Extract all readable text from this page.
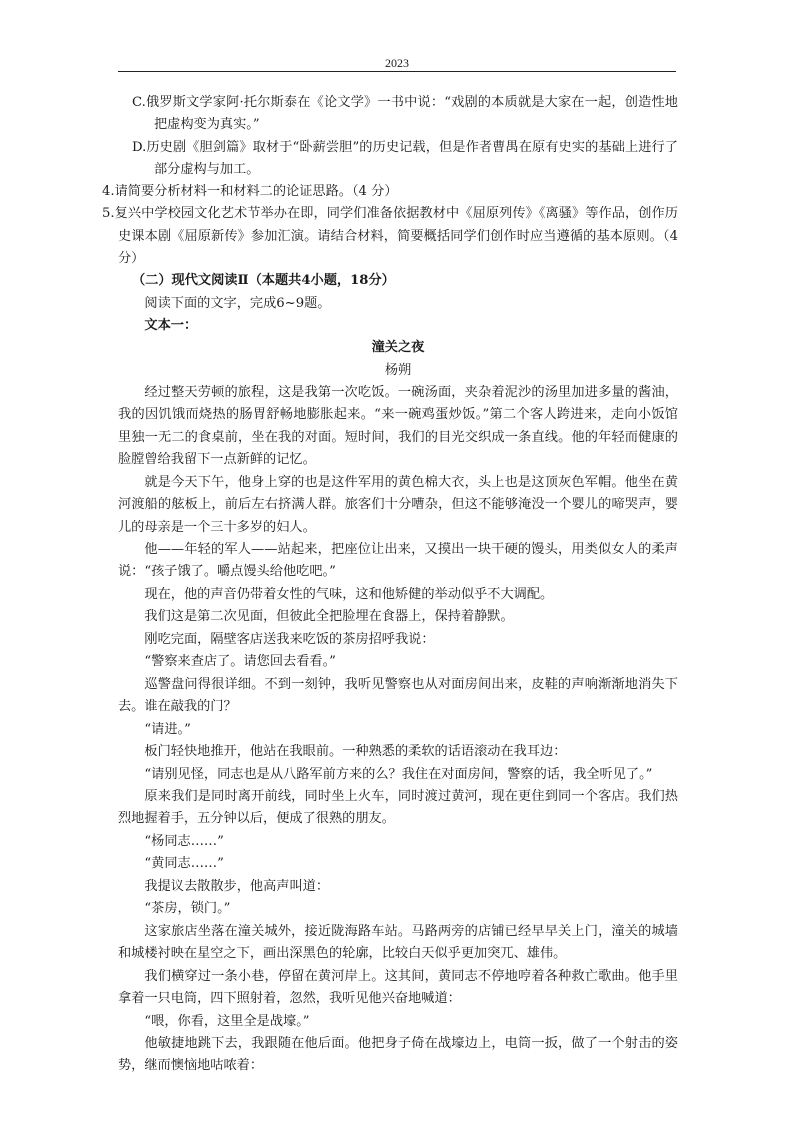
2023

C.俄罗斯文学家阿·托尔斯泰在《论文学》一书中说：“戏剧的本质就是大家在一起，创造性地把虚构变为真实。”

D.历史剧《胆剑篇》取材于“卧薪尝胆”的历史记载，但是作者曹禺在原有史实的基础上进行了部分虚构与加工。

4.请简要分析材料一和材料二的论证思路。（4 分）

5.复兴中学校园文化艺术节举办在即，同学们准备依据教材中《屈原列传》《离骚》等作品，创作历史课本剧《屈原新传》参加汇演。请结合材料，简要概括同学们创作时应当遵循的基本原则。（4分）

（二）现代文阅读Ⅱ（本题共4小题，18分）

阅读下面的文字，完成6~9题。

文本一：

潼关之夜

杨朔

经过整天劳顿的旅程，这是我第一次吃饭。一碗汤面，夹杂着泥沙的汤里加进多量的酱油，我的因饥饿而烧热的肠胃舒畅地膨胀起来。“来一碗鸡蛋炒饭。”第二个客人跨进来，走向小饭馆里独一无二的食桌前，坐在我的对面。短时间，我们的目光交织成一条直线。他的年轻而健康的脸膛曾给我留下一点新鲜的记忆。

就是今天下午，他身上穿的也是这件军用的黄色棉大衣，头上也是这顶灰色军帽。他坐在黄河渡船的舷板上，前后左右挤满人群。旅客们十分嘈杂，但这不能够淹没一个婴儿的啼哭声，婴儿的母亲是一个三十多岁的妇人。

他——年轻的军人——站起来，把座位让出来，又摸出一块干硬的馒头，用类似女人的柔声说：“孩子饿了。嚼点馒头给他吃吧。”

现在，他的声音仍带着女性的气味，这和他矫健的举动似乎不大调配。

我们这是第二次见面，但彼此全把脸埋在食器上，保持着静默。

刚吃完面，隔壁客店送我来吃饭的茶房招呼我说：

“警察来查店了。请您回去看看。”

巡警盘问得很详细。不到一刻钟，我听见警察也从对面房间出来，皮鞋的声响渐渐地消失下去。谁在敲我的门？

“请进。”

板门轻快地推开，他站在我眼前。一种熟悉的柔软的话语滚动在我耳边：

“请别见怪，同志也是从八路军前方来的么？我住在对面房间，警察的话，我全听见了。”

原来我们是同时离开前线，同时坐上火车，同时渡过黄河，现在更住到同一个客店。我们热烈地握着手，五分钟以后，便成了很熟的朋友。

“杨同志……”

“黄同志……”

我提议去散散步，他高声叫道：

“茶房，锁门。”

这家旅店坐落在潼关城外，接近陇海路车站。马路两旁的店铺已经早早关上门，潼关的城墙和城楼衬映在星空之下，画出深黑色的轮廓，比较白天似乎更加突兀、雄伟。

我们横穿过一条小巷，停留在黄河岸上。这其间，黄同志不停地哼着各种救亡歌曲。他手里拿着一只电筒，四下照射着，忽然，我听见他兴奋地喊道：

“喂，你看，这里全是战壕。”

他敏捷地跳下去，我跟随在他后面。他把身子倚在战壕边上，电筒一扳，做了一个射击的姿势，继而懊恼地咕哝着：
